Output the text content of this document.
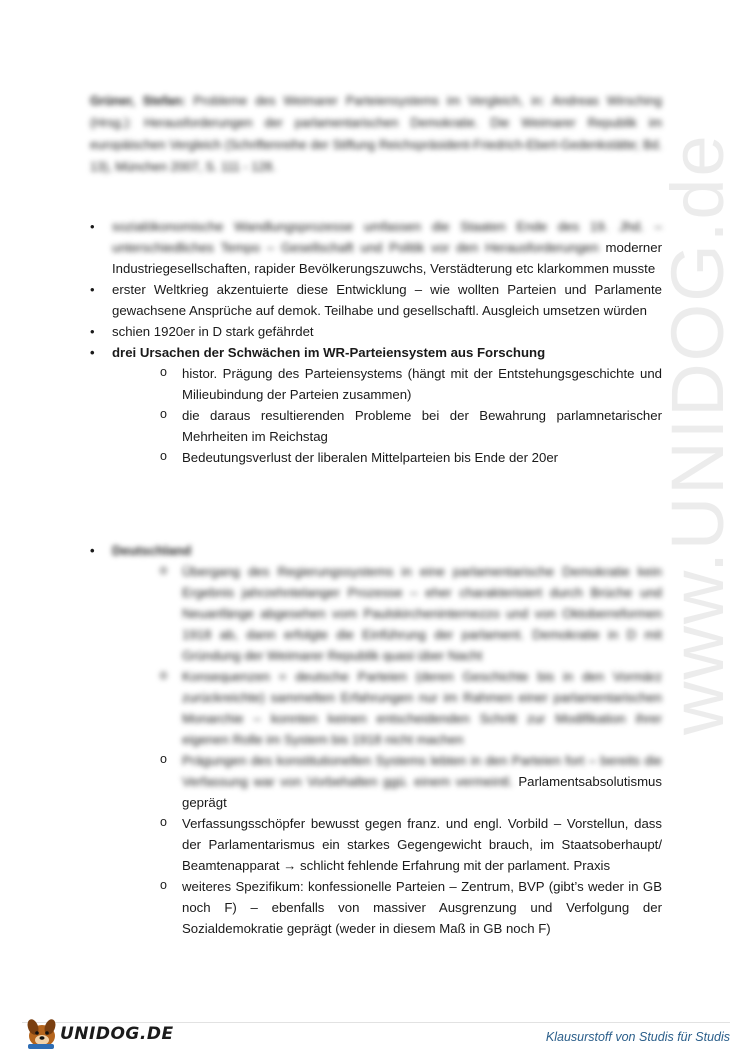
www.UNIDOG.de
Grüner, Stefan: Probleme des Weimarer Parteiensystems im Vergleich, in: Andreas Wirsching (Hrsg.): Herausforderungen der parlamentarischen Demokratie. Die Weimarer Republik im europäischen Vergleich (Schriftenreihe der Stiftung Reichspräsident-Friedrich-Ebert-Gedenkstätte; Bd. 13), München 2007, S. 111 - 128.
• sozialökonomische Wandlungsprozesse umfassen die Staaten Ende des 19. Jhd. – unterschiedliches Tempo – Gesellschaft und Politik vor den Herausforderungen moderner Industriegesellschaften, rapider Bevölkerungszuwchs, Verstädterung etc klarkommen musste
• erster Weltkrieg akzentuierte diese Entwicklung – wie wollten Parteien und Parlamente gewachsene Ansprüche auf demok. Teilhabe und gesellschaftl. Ausgleich umsetzen würden
• schien 1920er in D stark gefährdet
• drei Ursachen der Schwächen im WR-Parteiensystem aus Forschung
o histor. Prägung des Parteiensystems (hängt mit der Entstehungsgeschichte und Milieubindung der Parteien zusammen)
o die daraus resultierenden Probleme bei der Bewahrung parlamnetarischer Mehrheiten im Reichstag
o Bedeutungsverlust der liberalen Mittelparteien bis Ende der 20er
• Deutschland
o Übergang des Regierungssystems in eine parlamentarische Demokratie kein Ergebnis jahrzehntelanger Prozesse – eher charakterisiert durch Brüche und Neuanfänge abgesehen vom Paulskircheninternezzo und von Oktoberreformen 1918 ab, dann erfolgte die Einführung der parlament. Demokratie in D mit Gründung der Weimarer Republik quasi über Nacht
o Konsequenzen = deutsche Parteien (deren Geschichte bis in den Vormärz zurückreichte) sammelten Erfahrungen nur im Rahmen einer parlamentarischen Monarchie – konnten keinen entscheidenden Schritt zur Modifikation ihrer eigenen Rolle im System bis 1918 nicht machen
o Prägungen des konstitutionellen Systems lebten in den Parteien fort – bereits die Verfassung war von Vorbehalten ggü. einem vermeintl. Parlamentsabsolutismus geprägt
o Verfassungsschöpfer bewusst gegen franz. und engl. Vorbild – Vorstellun, dass der Parlamentarismus ein starkes Gegengewicht brauch, im Staatsoberhaupt/ Beamtenapparat → schlicht fehlende Erfahrung mit der parlament. Praxis
o weiteres Spezifikum: konfessionelle Parteien – Zentrum, BVP (gibt’s weder in GB noch F) – ebenfalls von massiver Ausgrenzung und Verfolgung der Sozialdemokratie geprägt (weder in diesem Maß in GB noch F)
UNIDOG.DE	Klausurstoff von Studis für Studis
